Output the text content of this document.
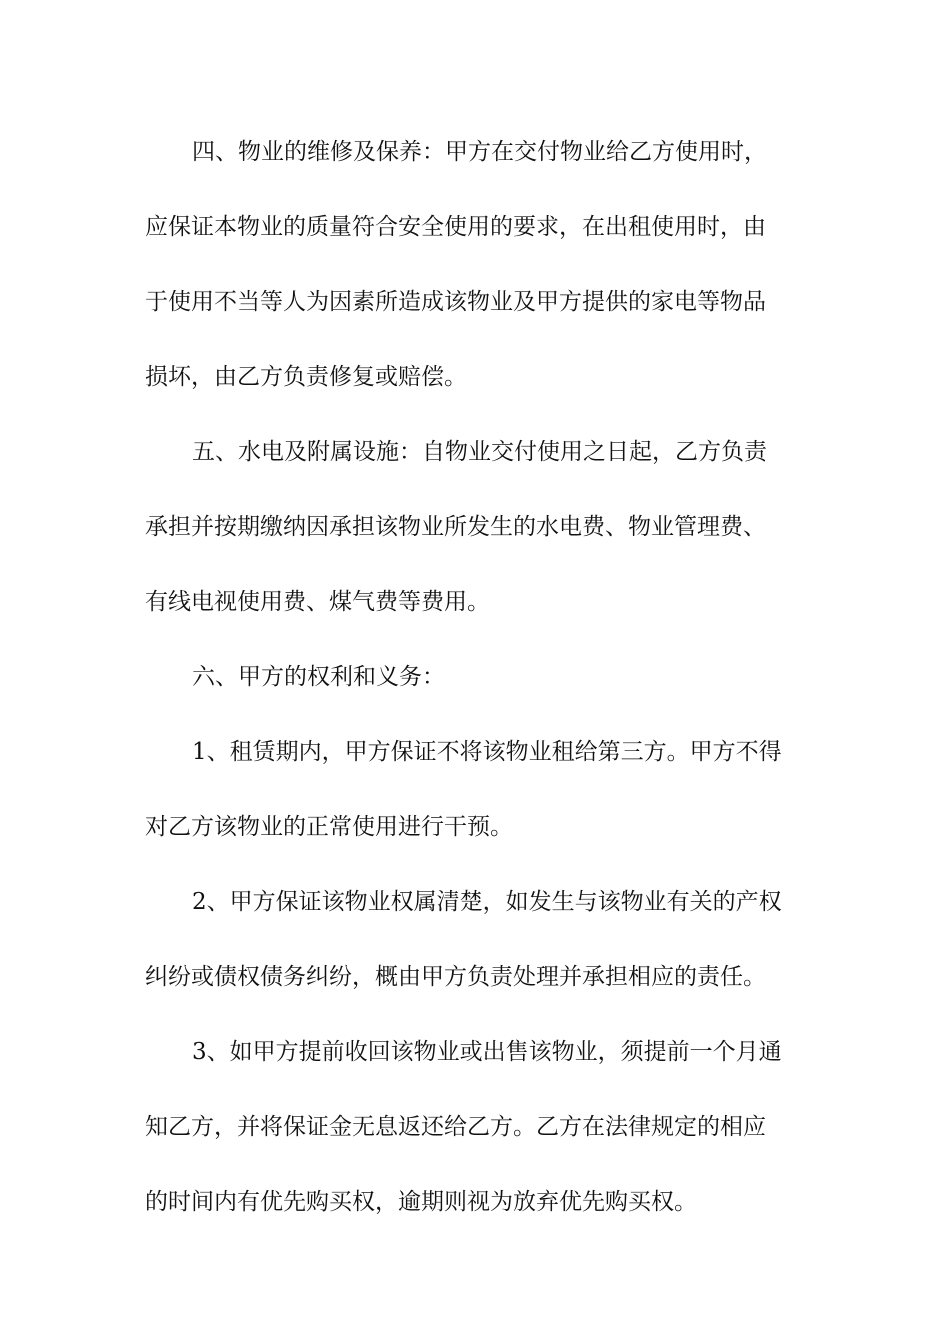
四、物业的维修及保养：甲方在交付物业给乙方使用时，
应保证本物业的质量符合安全使用的要求，在出租使用时，由
于使用不当等人为因素所造成该物业及甲方提供的家电等物品
损坏，由乙方负责修复或赔偿。
五、水电及附属设施：自物业交付使用之日起，乙方负责
承担并按期缴纳因承担该物业所发生的水电费、物业管理费、
有线电视使用费、煤气费等费用。
六、甲方的权利和义务：
1、租赁期内，甲方保证不将该物业租给第三方。甲方不得
对乙方该物业的正常使用进行干预。
2、甲方保证该物业权属清楚，如发生与该物业有关的产权
纠纷或债权债务纠纷，概由甲方负责处理并承担相应的责任。
3、如甲方提前收回该物业或出售该物业，须提前一个月通
知乙方，并将保证金无息返还给乙方。乙方在法律规定的相应
的时间内有优先购买权，逾期则视为放弃优先购买权。
